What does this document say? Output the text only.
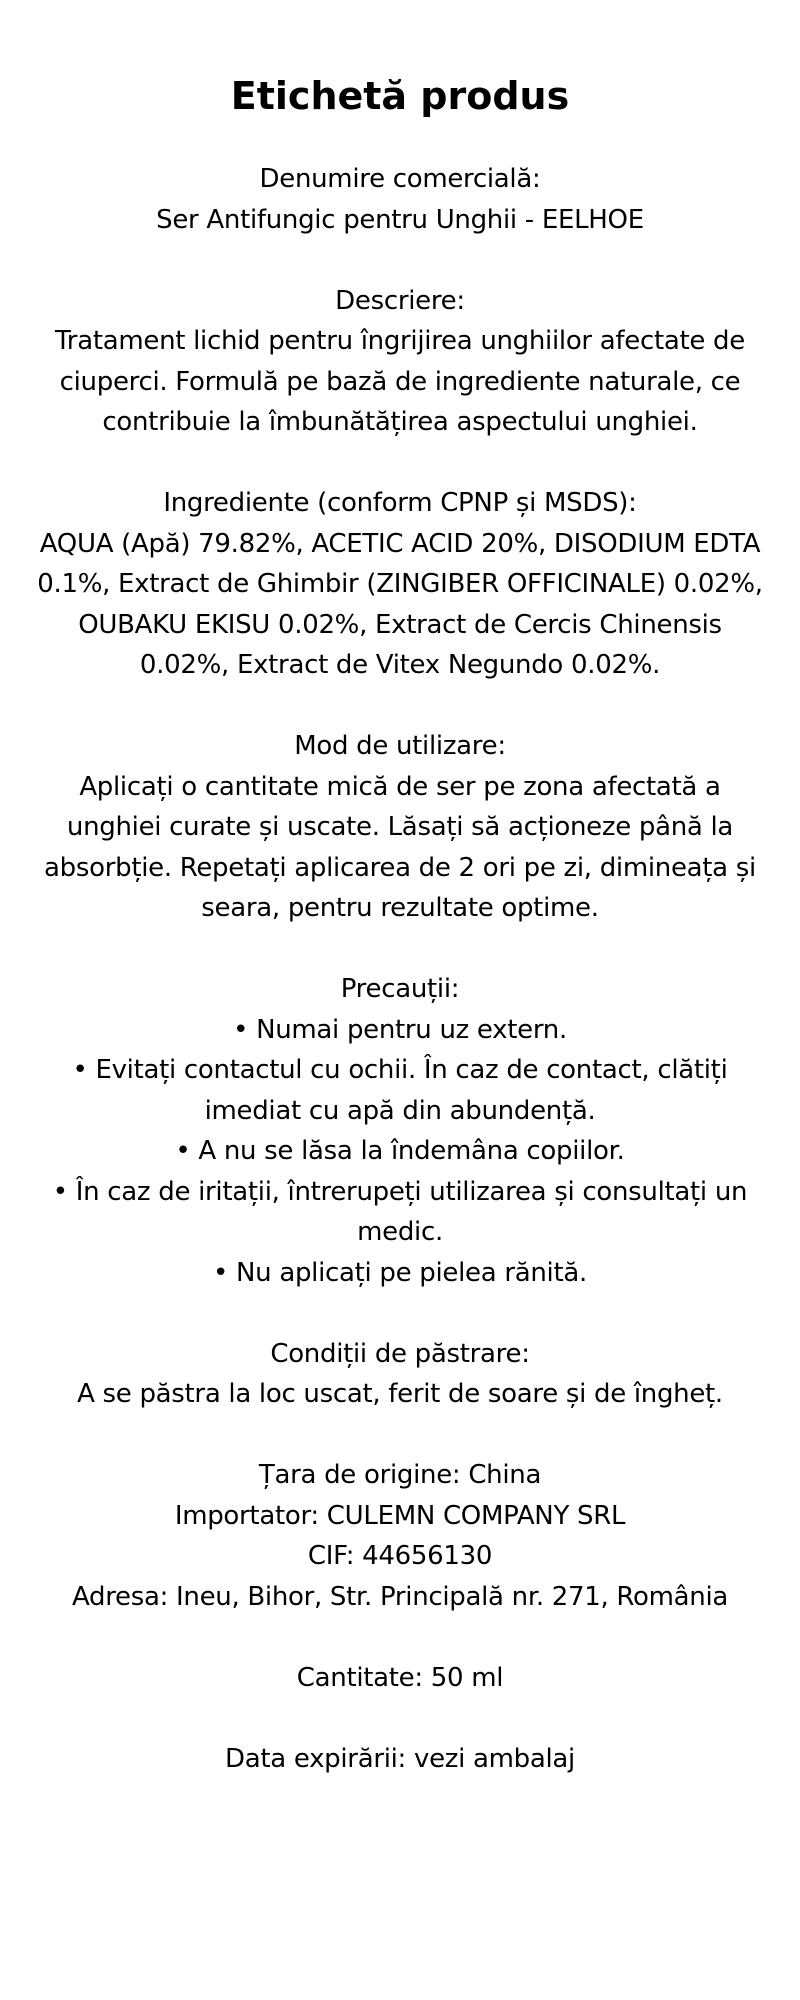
Etichetă produs
Denumire comercială:
Ser Antifungic pentru Unghii - EELHOE
Descriere:
Tratament lichid pentru îngrijirea unghiilor afectate de
ciuperci. Formulă pe bază de ingrediente naturale, ce
contribuie la îmbunătățirea aspectului unghiei.
Ingrediente (conform CPNP și MSDS):
AQUA (Apă) 79.82%, ACETIC ACID 20%, DISODIUM EDTA
0.1%, Extract de Ghimbir (ZINGIBER OFFICINALE) 0.02%,
OUBAKU EKISU 0.02%, Extract de Cercis Chinensis
0.02%, Extract de Vitex Negundo 0.02%.
Mod de utilizare:
Aplicați o cantitate mică de ser pe zona afectată a
unghiei curate și uscate. Lăsați să acționeze până la
absorbție. Repetați aplicarea de 2 ori pe zi, dimineața și
seara, pentru rezultate optime.
Precauții:
• Numai pentru uz extern.
• Evitați contactul cu ochii. În caz de contact, clătiți
imediat cu apă din abundență.
• A nu se lăsa la îndemâna copiilor.
• În caz de iritații, întrerupeți utilizarea și consultați un
medic.
• Nu aplicați pe pielea rănită.
Condiții de păstrare:
A se păstra la loc uscat, ferit de soare și de îngheț.
Țara de origine: China
Importator: CULEMN COMPANY SRL
CIF: 44656130
Adresa: Ineu, Bihor, Str. Principală nr. 271, România
Cantitate: 50 ml
Data expirării: vezi ambalaj
